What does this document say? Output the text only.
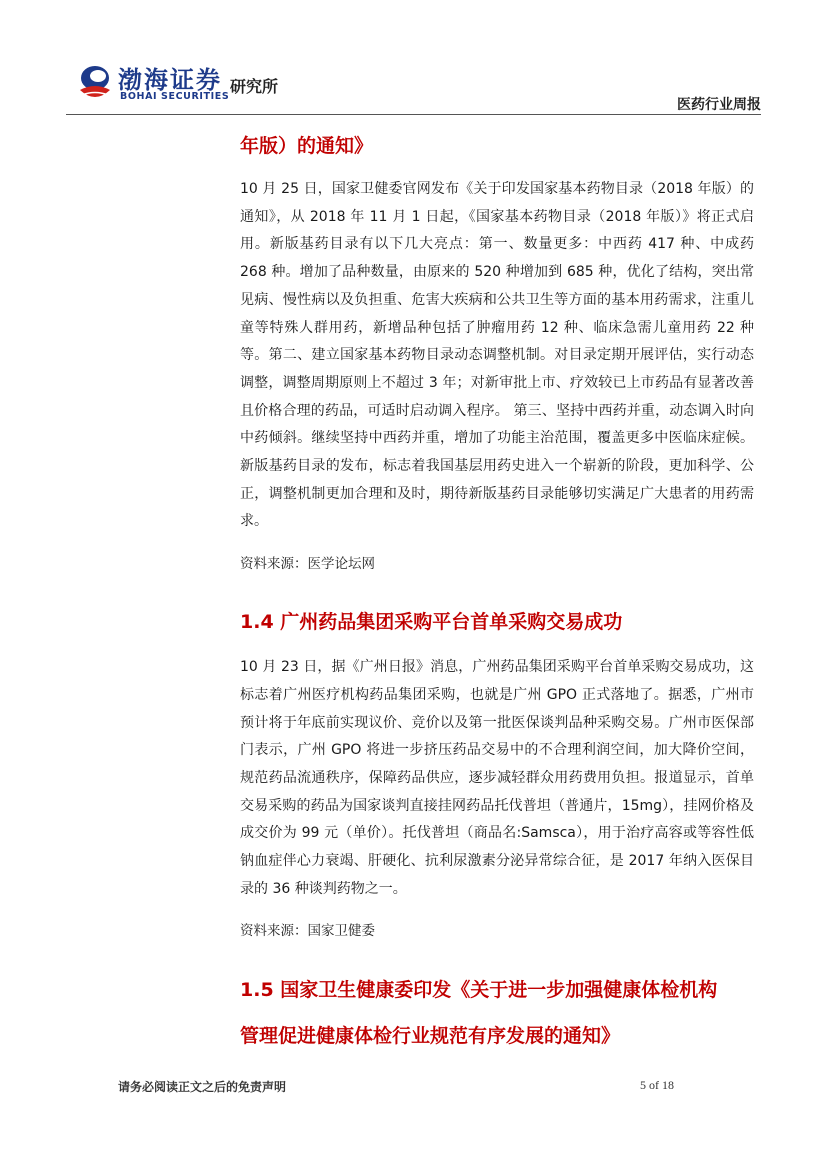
渤海证券
BOHAI SECURITIES
研究所
医药行业周报
年版）的通知》

10 月 25 日，国家卫健委官网发布《关于印发国家基本药物目录（2018 年版）的通知》，从 2018 年 11 月 1 日起，《国家基本药物目录（2018 年版）》将正式启用。新版基药目录有以下几大亮点：第一、数量更多：中西药 417 种、中成药 268 种。增加了品种数量，由原来的 520 种增加到 685 种，优化了结构，突出常见病、慢性病以及负担重、危害大疾病和公共卫生等方面的基本用药需求，注重儿童等特殊人群用药，新增品种包括了肿瘤用药 12 种、临床急需儿童用药 22 种等。第二、建立国家基本药物目录动态调整机制。对目录定期开展评估，实行动态调整，调整周期原则上不超过 3 年；对新审批上市、疗效较已上市药品有显著改善且价格合理的药品，可适时启动调入程序。 第三、坚持中西药并重，动态调入时向中药倾斜。继续坚持中西药并重，增加了功能主治范围，覆盖更多中医临床症候。新版基药目录的发布，标志着我国基层用药史进入一个崭新的阶段，更加科学、公正，调整机制更加合理和及时，期待新版基药目录能够切实满足广大患者的用药需求。

资料来源：医学论坛网

1.4 广州药品集团采购平台首单采购交易成功

10 月 23 日，据《广州日报》消息，广州药品集团采购平台首单采购交易成功，这标志着广州医疗机构药品集团采购，也就是广州 GPO 正式落地了。据悉，广州市预计将于年底前实现议价、竞价以及第一批医保谈判品种采购交易。广州市医保部门表示，广州 GPO 将进一步挤压药品交易中的不合理利润空间，加大降价空间，规范药品流通秩序，保障药品供应，逐步减轻群众用药费用负担。报道显示，首单交易采购的药品为国家谈判直接挂网药品托伐普坦（普通片，15mg），挂网价格及成交价为 99 元（单价）。托伐普坦（商品名:Samsca），用于治疗高容或等容性低钠血症伴心力衰竭、肝硬化、抗利尿激素分泌异常综合征，是 2017 年纳入医保目录的 36 种谈判药物之一。

资料来源：国家卫健委

1.5 国家卫生健康委印发《关于进一步加强健康体检机构
管理促进健康体检行业规范有序发展的通知》
请务必阅读正文之后的免责声明	5 of 18
